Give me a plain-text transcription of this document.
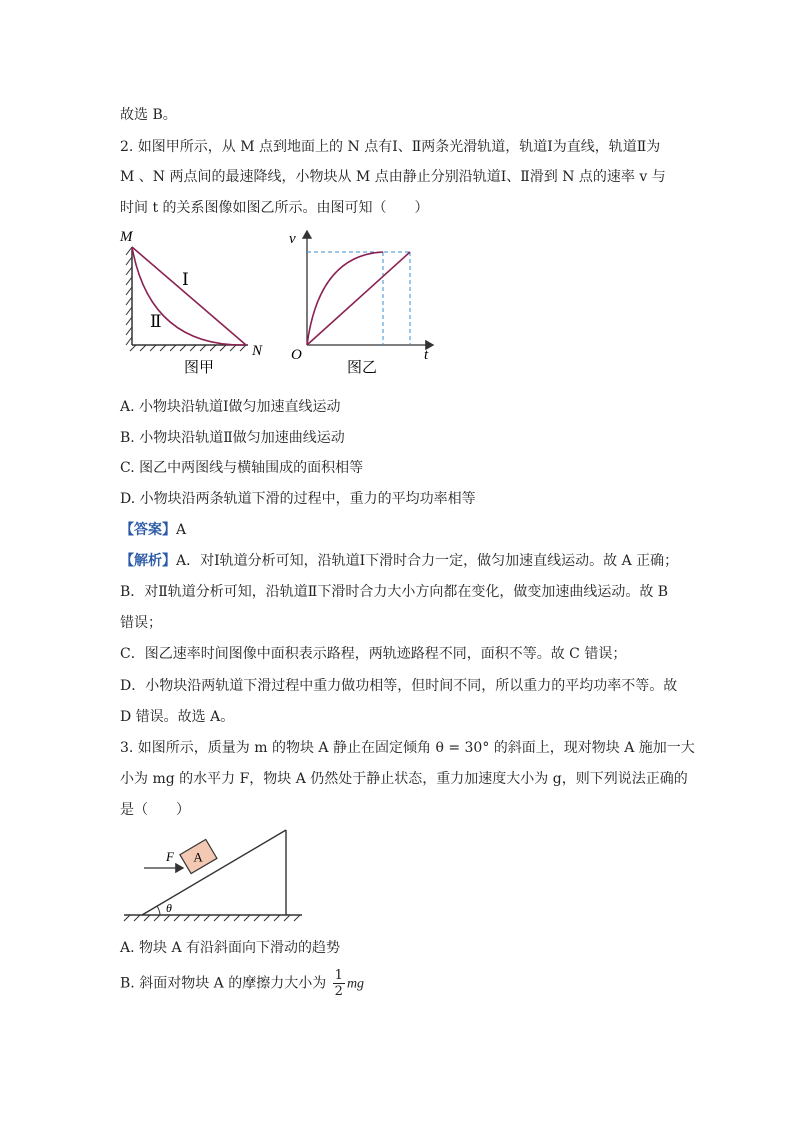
故选 B。
2. 如图甲所示，从 M 点到地面上的 N 点有Ⅰ、Ⅱ两条光滑轨道，轨道Ⅰ为直线，轨道Ⅱ为
M 、N 两点间的最速降线，小物块从 M 点由静止分别沿轨道Ⅰ、Ⅱ滑到 N 点的速率 v 与
时间 t 的关系图像如图乙所示。由图可知（　　）
M
N
Ⅰ
Ⅱ
图甲
v
t
O
图乙
A. 小物块沿轨道Ⅰ做匀加速直线运动
B. 小物块沿轨道Ⅱ做匀加速曲线运动
C. 图乙中两图线与横轴围成的面积相等
D. 小物块沿两条轨道下滑的过程中，重力的平均功率相等
【答案】A
【解析】A．对Ⅰ轨道分析可知，沿轨道Ⅰ下滑时合力一定，做匀加速直线运动。故 A 正确；
B．对Ⅱ轨道分析可知，沿轨道Ⅱ下滑时合力大小方向都在变化，做变加速曲线运动。故 B
错误；
C．图乙速率时间图像中面积表示路程，两轨迹路程不同，面积不等。故 C 错误；
D．小物块沿两轨道下滑过程中重力做功相等，但时间不同，所以重力的平均功率不等。故
D 错误。故选 A。
3. 如图所示，质量为 m 的物块 A 静止在固定倾角 θ = 30° 的斜面上，现对物块 A 施加一大
小为 mg 的水平力 F，物块 A 仍然处于静止状态，重力加速度大小为 g，则下列说法正确的
是（　　）
A
F
θ
A. 物块 A 有沿斜面向下滑动的趋势
B. 斜面对物块 A 的摩擦力大小为 $\frac{1}{2}$ mg
